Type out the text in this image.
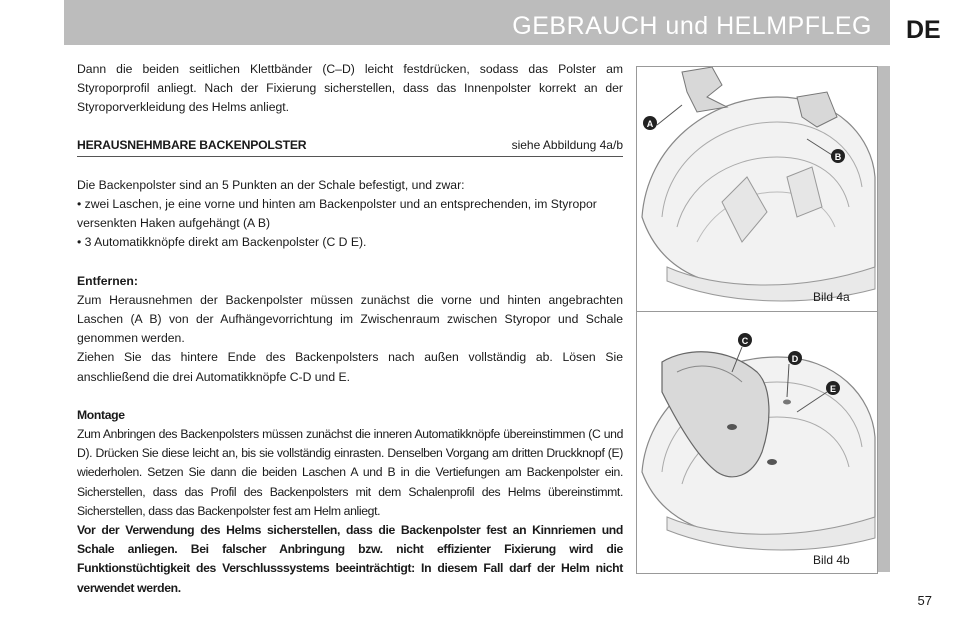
GEBRAUCH und HELMPFLEG DE

Dann die beiden seitlichen Klettbänder (C–D) leicht festdrücken, sodass das Polster am Styroporprofil anliegt. Nach der Fixierung sicherstellen, dass das Innenpolster korrekt an der Styroporverkleidung des Helms anliegt.

HERAUSNEHMBARE BACKENPOLSTER	siehe Abbildung 4a/b

Die Backenpolster sind an 5 Punkten an der Schale befestigt, und zwar:

• zwei Laschen, je eine vorne und hinten am Backenpolster und an entsprechenden, im Styropor versenkten Haken aufgehängt (A B)

• 3 Automatikknöpfe direkt am Backenpolster (C D E).

Entfernen:

Zum Herausnehmen der Backenpolster müssen zunächst die vorne und hinten angebrachten Laschen (A B) von der Aufhängevorrichtung im Zwischenraum zwischen Styropor und Schale genommen werden.

Ziehen Sie das hintere Ende des Backenpolsters nach außen vollständig ab. Lösen Sie anschließend die drei Automatikknöpfe C-D und E.

Montage

Zum Anbringen des Backenpolsters müssen zunächst die inneren Automatikknöpfe übereinstimmen (C und D). Drücken Sie diese leicht an, bis sie vollständig einrasten. Denselben Vorgang am dritten Druckknopf (E) wiederholen. Setzen Sie dann die beiden Laschen A und B in die Vertiefungen am Backenpolster ein. Sicherstellen, dass das Profil des Backenpolsters mit dem Schalenprofil des Helms übereinstimmt. Sicherstellen, dass das Backenpolster fest am Helm anliegt.

Vor der Verwendung des Helms sicherstellen, dass die Backenpolster fest an Kinnriemen und Schale anliegen. Bei falscher Anbringung bzw. nicht effizienter Fixierung wird die Funktionstüchtigkeit des Verschlusssystems beeinträchtigt: In diesem Fall darf der Helm nicht verwendet werden.

A
B
Bild 4a
C
D
E
Bild 4b
57
